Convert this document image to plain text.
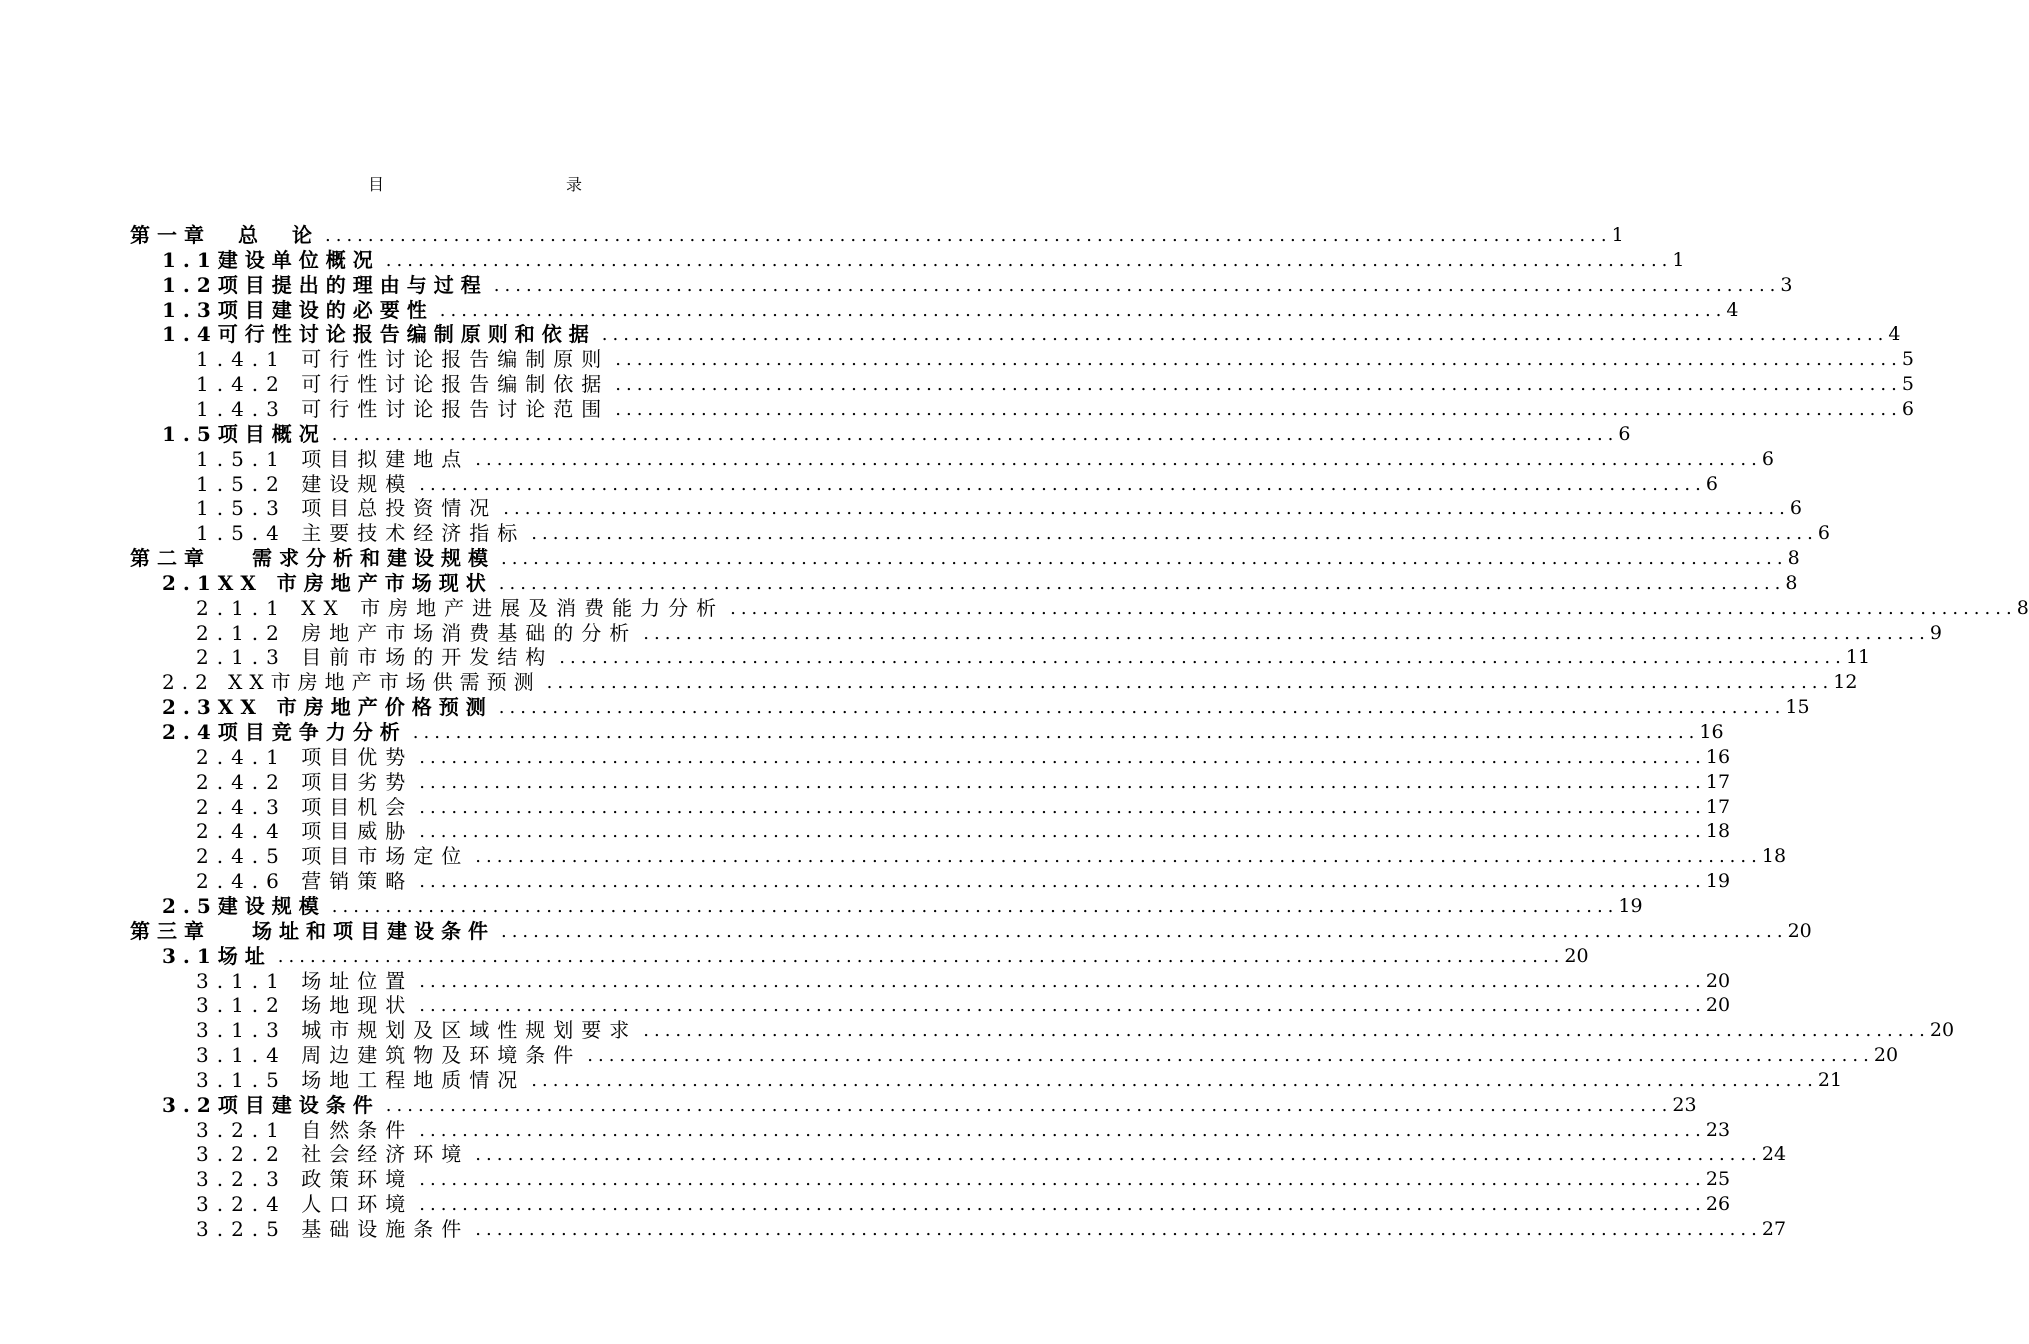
目　　录
第一章　总　论 ........................................................................................................................ 1
1.1建设单位概况 ........................................................................................................................ 1
1.2项目提出的理由与过程 ........................................................................................................................ 3
1.3项目建设的必要性 ........................................................................................................................ 4
1.4可行性讨论报告编制原则和依据 ........................................................................................................................ 4
1.4.1 可行性讨论报告编制原则 ........................................................................................................................ 5
1.4.2 可行性讨论报告编制依据 ........................................................................................................................ 5
1.4.3 可行性讨论报告讨论范围 ........................................................................................................................ 6
1.5项目概况 ........................................................................................................................ 6
1.5.1 项目拟建地点 ........................................................................................................................ 6
1.5.2 建设规模 ........................................................................................................................ 6
1.5.3 项目总投资情况 ........................................................................................................................ 6
1.5.4 主要技术经济指标 ........................................................................................................................ 6
第二章　 需求分析和建设规模 ........................................................................................................................ 8
2.1XX 市房地产市场现状 ........................................................................................................................ 8
2.1.1 XX 市房地产进展及消费能力分析 ........................................................................................................................ 8
2.1.2 房地产市场消费基础的分析 ........................................................................................................................ 9
2.1.3 目前市场的开发结构 ........................................................................................................................ 11
2.2 XX市房地产市场供需预测 ........................................................................................................................ 12
2.3XX 市房地产价格预测 ........................................................................................................................ 15
2.4项目竞争力分析 ........................................................................................................................ 16
2.4.1 项目优势 ........................................................................................................................ 16
2.4.2 项目劣势 ........................................................................................................................ 17
2.4.3 项目机会 ........................................................................................................................ 17
2.4.4 项目威胁 ........................................................................................................................ 18
2.4.5 项目市场定位 ........................................................................................................................ 18
2.4.6 营销策略 ........................................................................................................................ 19
2.5建设规模 ........................................................................................................................ 19
第三章　 场址和项目建设条件 ........................................................................................................................ 20
3.1场址 ........................................................................................................................ 20
3.1.1 场址位置 ........................................................................................................................ 20
3.1.2 场地现状 ........................................................................................................................ 20
3.1.3 城市规划及区域性规划要求 ........................................................................................................................ 20
3.1.4 周边建筑物及环境条件 ........................................................................................................................ 20
3.1.5 场地工程地质情况 ........................................................................................................................ 21
3.2项目建设条件 ........................................................................................................................ 23
3.2.1 自然条件 ........................................................................................................................ 23
3.2.2 社会经济环境 ........................................................................................................................ 24
3.2.3 政策环境 ........................................................................................................................ 25
3.2.4 人口环境 ........................................................................................................................ 26
3.2.5 基础设施条件 ........................................................................................................................ 27
